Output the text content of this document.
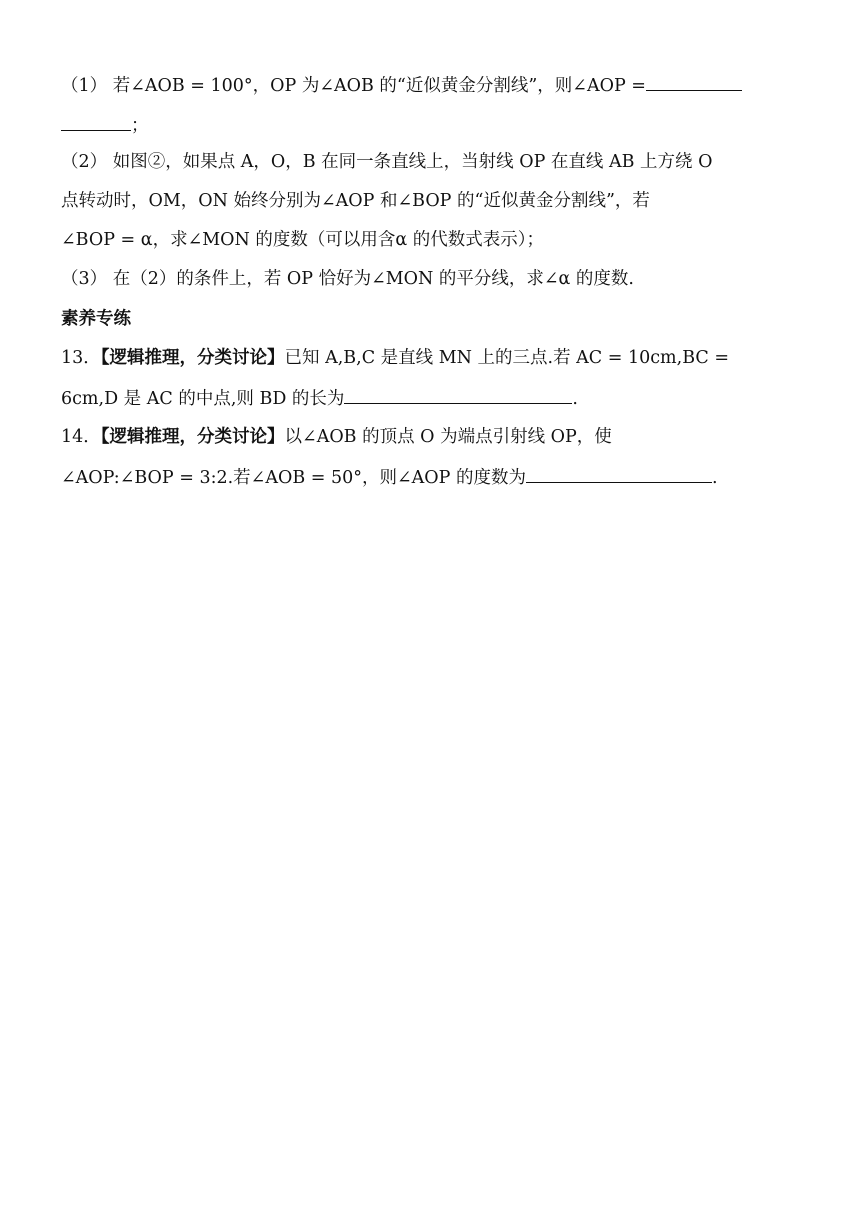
（1） 若∠AOB = 100°，OP 为∠AOB 的“近似黄金分割线”，则∠AOP =
；
（2） 如图②，如果点 A，O，B 在同一条直线上，当射线 OP 在直线 AB 上方绕 O
点转动时，OM，ON 始终分别为∠AOP 和∠BOP 的“近似黄金分割线”，若
∠BOP = α，求∠MON 的度数（可以用含α 的代数式表示）；
（3） 在（2）的条件上，若 OP 恰好为∠MON 的平分线，求∠α 的度数.
素养专练
13．【逻辑推理，分类讨论】已知 A,B,C 是直线 MN 上的三点.若 AC = 10cm,BC =
6cm,D 是 AC 的中点,则 BD 的长为	.
14．【逻辑推理，分类讨论】以∠AOB 的顶点 O 为端点引射线 OP，使
∠AOP:∠BOP = 3:2.若∠AOB = 50°，则∠AOP 的度数为	.
